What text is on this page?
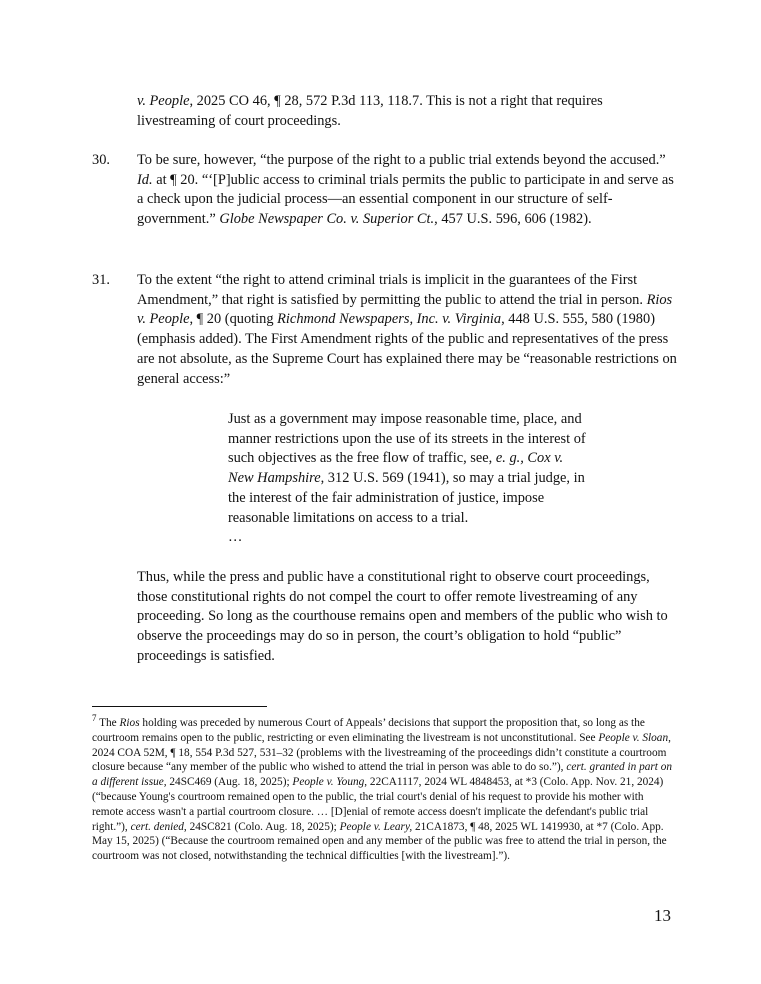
v. People, 2025 CO 46, ¶ 28, 572 P.3d 113, 118.7. This is not a right that requires livestreaming of court proceedings.
30.	To be sure, however, “the purpose of the right to a public trial extends beyond the accused.” Id. at ¶ 20. “‘[P]ublic access to criminal trials permits the public to participate in and serve as a check upon the judicial process—an essential component in our structure of self-government.” Globe Newspaper Co. v. Superior Ct., 457 U.S. 596, 606 (1982).
31.	To the extent “the right to attend criminal trials is implicit in the guarantees of the First Amendment,” that right is satisfied by permitting the public to attend the trial in person. Rios v. People, ¶ 20 (quoting Richmond Newspapers, Inc. v. Virginia, 448 U.S. 555, 580 (1980) (emphasis added). The First Amendment rights of the public and representatives of the press are not absolute, as the Supreme Court has explained there may be “reasonable restrictions on general access:”
Just as a government may impose reasonable time, place, and manner restrictions upon the use of its streets in the interest of such objectives as the free flow of traffic, see, e. g., Cox v. New Hampshire, 312 U.S. 569 (1941), so may a trial judge, in the interest of the fair administration of justice, impose reasonable limitations on access to a trial.
…
Thus, while the press and public have a constitutional right to observe court proceedings, those constitutional rights do not compel the court to offer remote livestreaming of any proceeding. So long as the courthouse remains open and members of the public who wish to observe the proceedings may do so in person, the court’s obligation to hold “public” proceedings is satisfied.
$^7$ The Rios holding was preceded by numerous Court of Appeals’ decisions that support the proposition that, so long as the courtroom remains open to the public, restricting or even eliminating the livestream is not unconstitutional. See People v. Sloan, 2024 COA 52M, ¶ 18, 554 P.3d 527, 531–32 (problems with the livestreaming of the proceedings didn’t constitute a courtroom closure because “any member of the public who wished to attend the trial in person was able to do so.”), cert. granted in part on a different issue, 24SC469 (Aug. 18, 2025); People v. Young, 22CA1117, 2024 WL 4848453, at *3 (Colo. App. Nov. 21, 2024) (“because Young's courtroom remained open to the public, the trial court's denial of his request to provide his mother with remote access wasn't a partial courtroom closure. … [D]enial of remote access doesn't implicate the defendant's public trial right.”), cert. denied, 24SC821 (Colo. Aug. 18, 2025); People v. Leary, 21CA1873, ¶ 48, 2025 WL 1419930, at *7 (Colo. App. May 15, 2025) (“Because the courtroom remained open and any member of the public was free to attend the trial in person, the courtroom was not closed, notwithstanding the technical difficulties [with the livestream].”).
13
